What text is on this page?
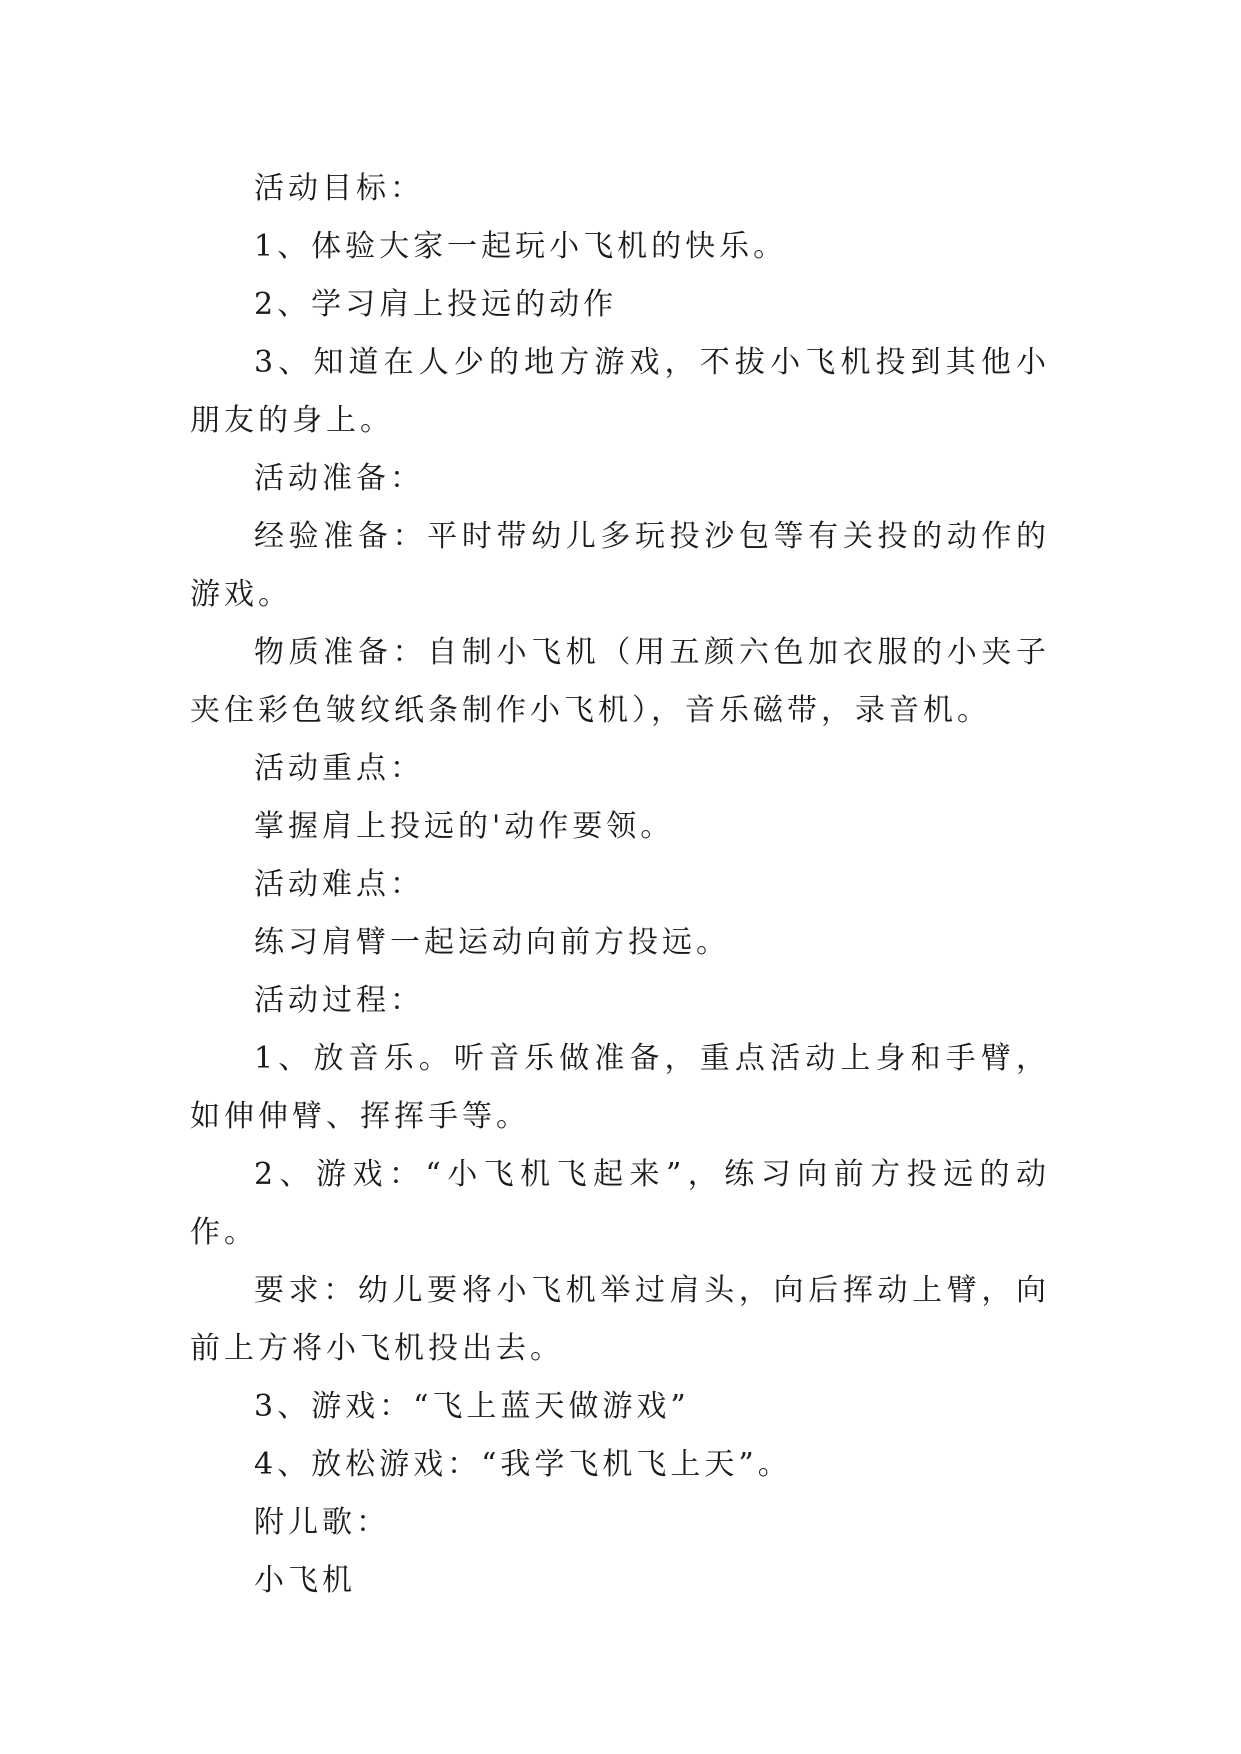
活动目标：

1、体验大家一起玩小飞机的快乐。

2、学习肩上投远的动作

3、知道在人少的地方游戏，不拔小飞机投到其他小朋友的身上。

活动准备：

经验准备：平时带幼儿多玩投沙包等有关投的动作的游戏。

物质准备：自制小飞机（用五颜六色加衣服的小夹子夹住彩色皱纹纸条制作小飞机），音乐磁带，录音机。

活动重点：

掌握肩上投远的'动作要领。

活动难点：

练习肩臂一起运动向前方投远。

活动过程：

1、放音乐。听音乐做准备，重点活动上身和手臂，如伸伸臂、挥挥手等。

2、游戏：“小飞机飞起来”，练习向前方投远的动作。

要求：幼儿要将小飞机举过肩头，向后挥动上臂，向前上方将小飞机投出去。

3、游戏：“飞上蓝天做游戏”

4、放松游戏：“我学飞机飞上天”。

附儿歌：

小飞机
